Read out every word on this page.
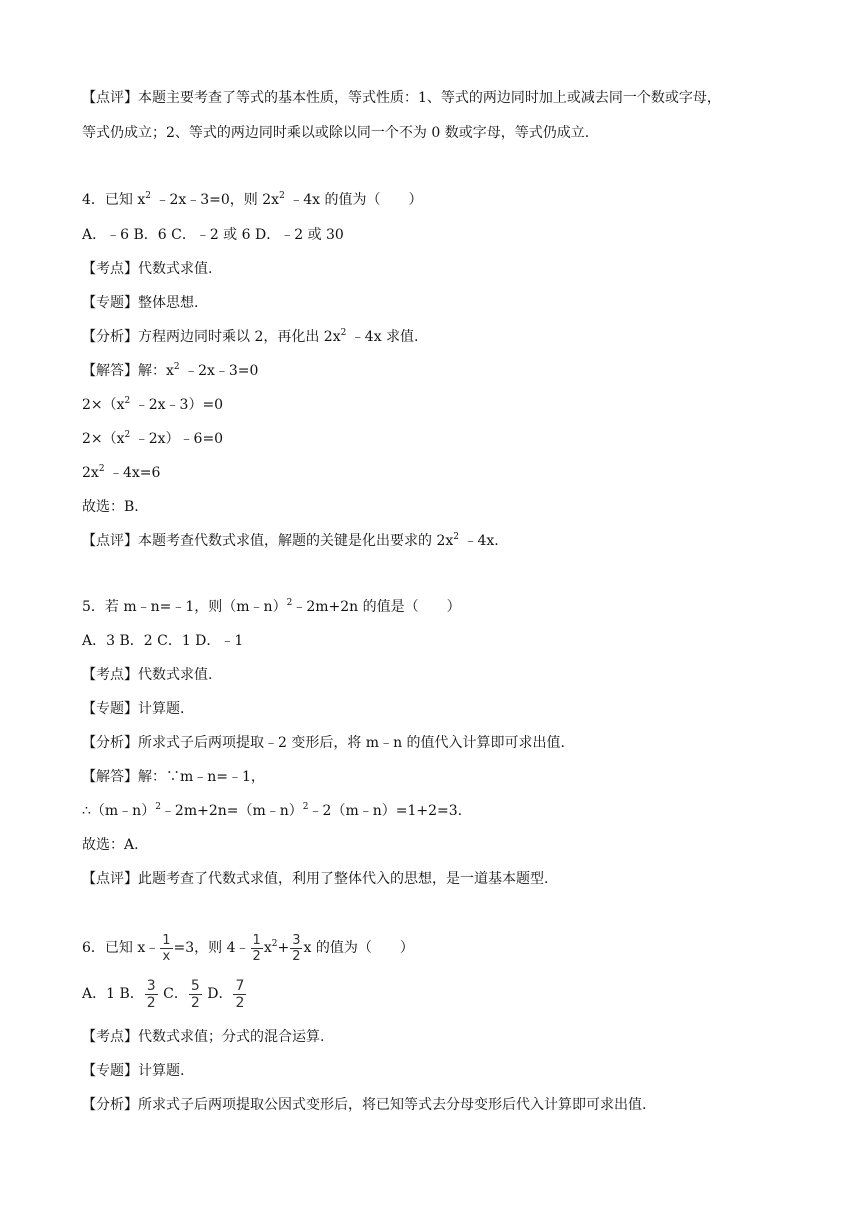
【点评】本题主要考查了等式的基本性质，等式性质：1、等式的两边同时加上或减去同一个数或字母，
等式仍成立；2、等式的两边同时乘以或除以同一个不为 0 数或字母，等式仍成立.
4．已知 $x^2$ ﹣2x﹣3=0，则 $2x^2$ ﹣4x 的值为（　　）
A．﹣6 B．6 C．﹣2 或 6 D．﹣2 或 30
【考点】代数式求值.
【专题】整体思想.
【分析】方程两边同时乘以 2，再化出 $2x^2$ ﹣4x 求值.
【解答】解：$x^2$ ﹣2x﹣3=0
$2\times(x^2$ ﹣2x﹣3）=0
$2\times(x^2$ ﹣2x）﹣6=0
$2x^2$ ﹣4x=6
故选：B.
【点评】本题考查代数式求值，解题的关键是化出要求的 $2x^2$ ﹣4x.
5．若 m﹣n=﹣1，则（m﹣n）$^2$﹣2m+2n 的值是（　　）
A．3 B．2 C．1 D．﹣1
【考点】代数式求值.
【专题】计算题.
【分析】所求式子后两项提取﹣2 变形后，将 m﹣n 的值代入计算即可求出值.
【解答】解：∵m﹣n=﹣1，
∴（m﹣n）$^2$﹣2m+2n=（m﹣n）$^2$﹣2（m﹣n）=1+2=3.
故选：A.
【点评】此题考查了代数式求值，利用了整体代入的思想，是一道基本题型.
6．已知 x﹣ $\frac{1}{x} =3$，则 4﹣ $\frac{1}{2} x^2+ \frac{3}{2}$ x 的值为（　　）
A．1 B． $\frac{3}{2}$ C． $\frac{5}{2}$ D． $\frac{7}{2}$
【考点】代数式求值；分式的混合运算.
【专题】计算题.
【分析】所求式子后两项提取公因式变形后，将已知等式去分母变形后代入计算即可求出值.
